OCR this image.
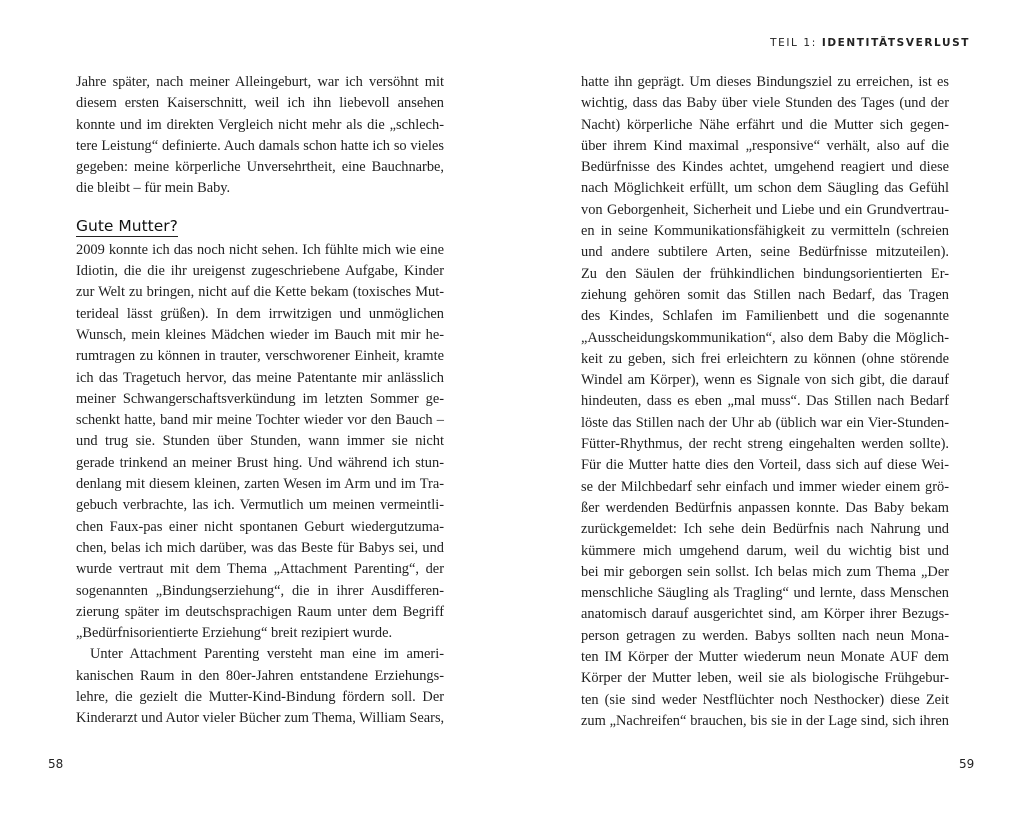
Jahre später, nach meiner Alleingeburt, war ich versöhnt mit
diesem ersten Kaiserschnitt, weil ich ihn liebevoll ansehen
konnte und im direkten Vergleich nicht mehr als die „schlech-
tere Leistung“ definierte. Auch damals schon hatte ich so vieles
gegeben: meine körperliche Unversehrtheit, eine Bauchnarbe,
die bleibt – für mein Baby.
Gute Mutter?
2009 konnte ich das noch nicht sehen. Ich fühlte mich wie eine
Idiotin, die die ihr ureigenst zugeschriebene Aufgabe, Kinder
zur Welt zu bringen, nicht auf die Kette bekam (toxisches Mut-
terideal lässt grüßen). In dem irrwitzigen und unmöglichen
Wunsch, mein kleines Mädchen wieder im Bauch mit mir he-
rumtragen zu können in trauter, verschworener Einheit, kramte
ich das Tragetuch hervor, das meine Patentante mir anlässlich
meiner Schwangerschaftsverkündung im letzten Sommer ge-
schenkt hatte, band mir meine Tochter wieder vor den Bauch –
und trug sie. Stunden über Stunden, wann immer sie nicht
gerade trinkend an meiner Brust hing. Und während ich stun-
denlang mit diesem kleinen, zarten Wesen im Arm und im Tra-
gebuch verbrachte, las ich. Vermutlich um meinen vermeintli-
chen Faux-pas einer nicht spontanen Geburt wiedergutzuma-
chen, belas ich mich darüber, was das Beste für Babys sei, und
wurde vertraut mit dem Thema „Attachment Parenting“, der
sogenannten „Bindungserziehung“, die in ihrer Ausdifferen-
zierung später im deutschsprachigen Raum unter dem Begriff
„Bedürfnisorientierte Erziehung“ breit rezipiert wurde.
Unter Attachment Parenting versteht man eine im ameri-
kanischen Raum in den 80er-Jahren entstandene Erziehungs-
lehre, die gezielt die Mutter-Kind-Bindung fördern soll. Der
Kinderarzt und Autor vieler Bücher zum Thema, William Sears,
58
TEIL 1: IDENTITÄTSVERLUST
hatte ihn geprägt. Um dieses Bindungsziel zu erreichen, ist es
wichtig, dass das Baby über viele Stunden des Tages (und der
Nacht) körperliche Nähe erfährt und die Mutter sich gegen-
über ihrem Kind maximal „responsive“ verhält, also auf die
Bedürfnisse des Kindes achtet, umgehend reagiert und diese
nach Möglichkeit erfüllt, um schon dem Säugling das Gefühl
von Geborgenheit, Sicherheit und Liebe und ein Grundvertrau-
en in seine Kommunikationsfähigkeit zu vermitteln (schreien
und andere subtilere Arten, seine Bedürfnisse mitzuteilen).
Zu den Säulen der frühkindlichen bindungsorientierten Er-
ziehung gehören somit das Stillen nach Bedarf, das Tragen
des Kindes, Schlafen im Familienbett und die sogenannte
„Ausscheidungskommunikation“, also dem Baby die Möglich-
keit zu geben, sich frei erleichtern zu können (ohne störende
Windel am Körper), wenn es Signale von sich gibt, die darauf
hindeuten, dass es eben „mal muss“. Das Stillen nach Bedarf
löste das Stillen nach der Uhr ab (üblich war ein Vier-Stunden-
Fütter-Rhythmus, der recht streng eingehalten werden sollte).
Für die Mutter hatte dies den Vorteil, dass sich auf diese Wei-
se der Milchbedarf sehr einfach und immer wieder einem grö-
ßer werdenden Bedürfnis anpassen konnte. Das Baby bekam
zurückgemeldet: Ich sehe dein Bedürfnis nach Nahrung und
kümmere mich umgehend darum, weil du wichtig bist und
bei mir geborgen sein sollst. Ich belas mich zum Thema „Der
menschliche Säugling als Tragling“ und lernte, dass Menschen
anatomisch darauf ausgerichtet sind, am Körper ihrer Bezugs-
person getragen zu werden. Babys sollten nach neun Mona-
ten IM Körper der Mutter wiederum neun Monate AUF dem
Körper der Mutter leben, weil sie als biologische Frühgebur-
ten (sie sind weder Nestflüchter noch Nesthocker) diese Zeit
zum „Nachreifen“ brauchen, bis sie in der Lage sind, sich ihren
59
